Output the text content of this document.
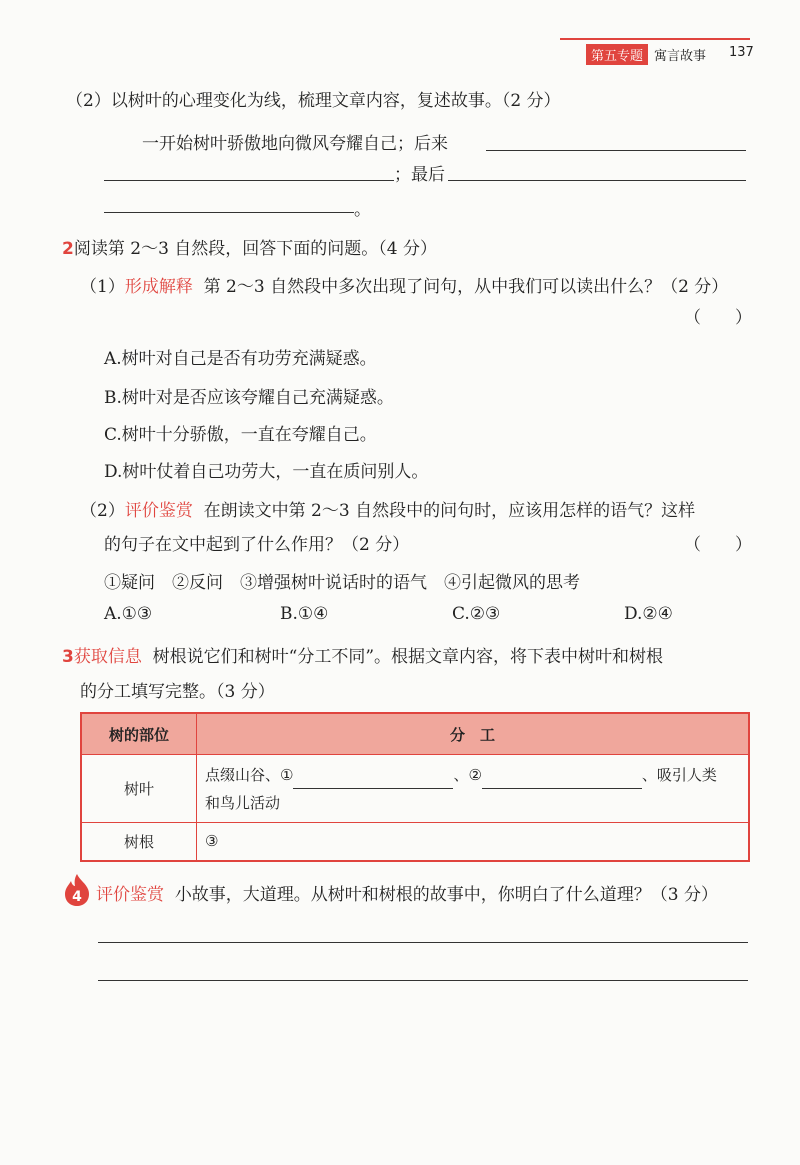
第五专题 寓言故事 137
（2）以树叶的心理变化为线，梳理文章内容，复述故事。（2 分）
一开始树叶骄傲地向微风夸耀自己；后来
；最后
。
2阅读第 2～3 自然段，回答下面的问题。（4 分）
（1）形成解释 第 2～3 自然段中多次出现了问句，从中我们可以读出什么？（2 分）
（　　）
A.树叶对自己是否有功劳充满疑惑。
B.树叶对是否应该夸耀自己充满疑惑。
C.树叶十分骄傲，一直在夸耀自己。
D.树叶仗着自己功劳大，一直在质问别人。
（2）评价鉴赏 在朗读文中第 2～3 自然段中的问句时，应该用怎样的语气？这样
的句子在文中起到了什么作用？（2 分）	（　　）
①疑问　②反问　③增强树叶说话时的语气　④引起微风的思考
A.①③	B.①④	C.②③	D.②④
3获取信息 树根说它们和树叶“分工不同”。根据文章内容，将下表中树叶和树根
的分工填写完整。（3 分）
树的部位	分　工
树叶	点缀山谷、① 、② 、吸引人类
和鸟儿活动
树根	③
4 评价鉴赏 小故事，大道理。从树叶和树根的故事中，你明白了什么道理？（3 分）
